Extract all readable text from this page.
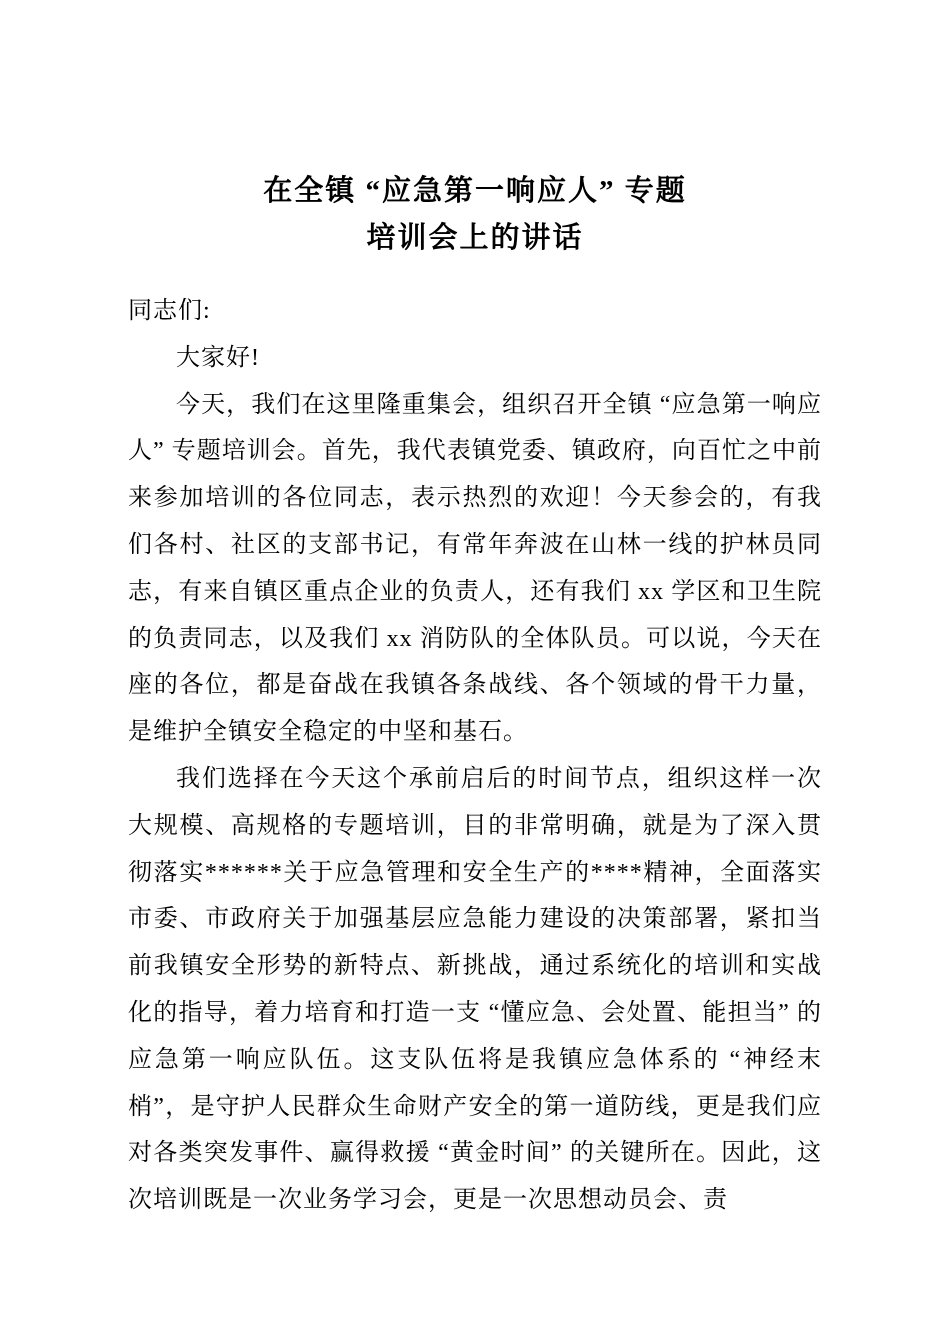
在全镇 “应急第一响应人” 专题
培训会上的讲话

同志们:

大家好!

今天，我们在这里隆重集会，组织召开全镇 “应急第一响应人” 专题培训会。首先，我代表镇党委、镇政府，向百忙之中前来参加培训的各位同志，表示热烈的欢迎！今天参会的，有我们各村、社区的支部书记，有常年奔波在山林一线的护林员同志，有来自镇区重点企业的负责人，还有我们 xx 学区和卫生院的负责同志，以及我们 xx 消防队的全体队员。可以说，今天在座的各位，都是奋战在我镇各条战线、各个领域的骨干力量，是维护全镇安全稳定的中坚和基石。

我们选择在今天这个承前启后的时间节点，组织这样一次大规模、高规格的专题培训，目的非常明确，就是为了深入贯彻落实******关于应急管理和安全生产的****精神，全面落实市委、市政府关于加强基层应急能力建设的决策部署，紧扣当前我镇安全形势的新特点、新挑战，通过系统化的培训和实战化的指导，着力培育和打造一支 “懂应急、会处置、能担当” 的应急第一响应队伍。这支队伍将是我镇应急体系的 “神经末梢”，是守护人民群众生命财产安全的第一道防线，更是我们应对各类突发事件、赢得救援 “黄金时间” 的关键所在。因此，这次培训既是一次业务学习会，更是一次思想动员会、责
